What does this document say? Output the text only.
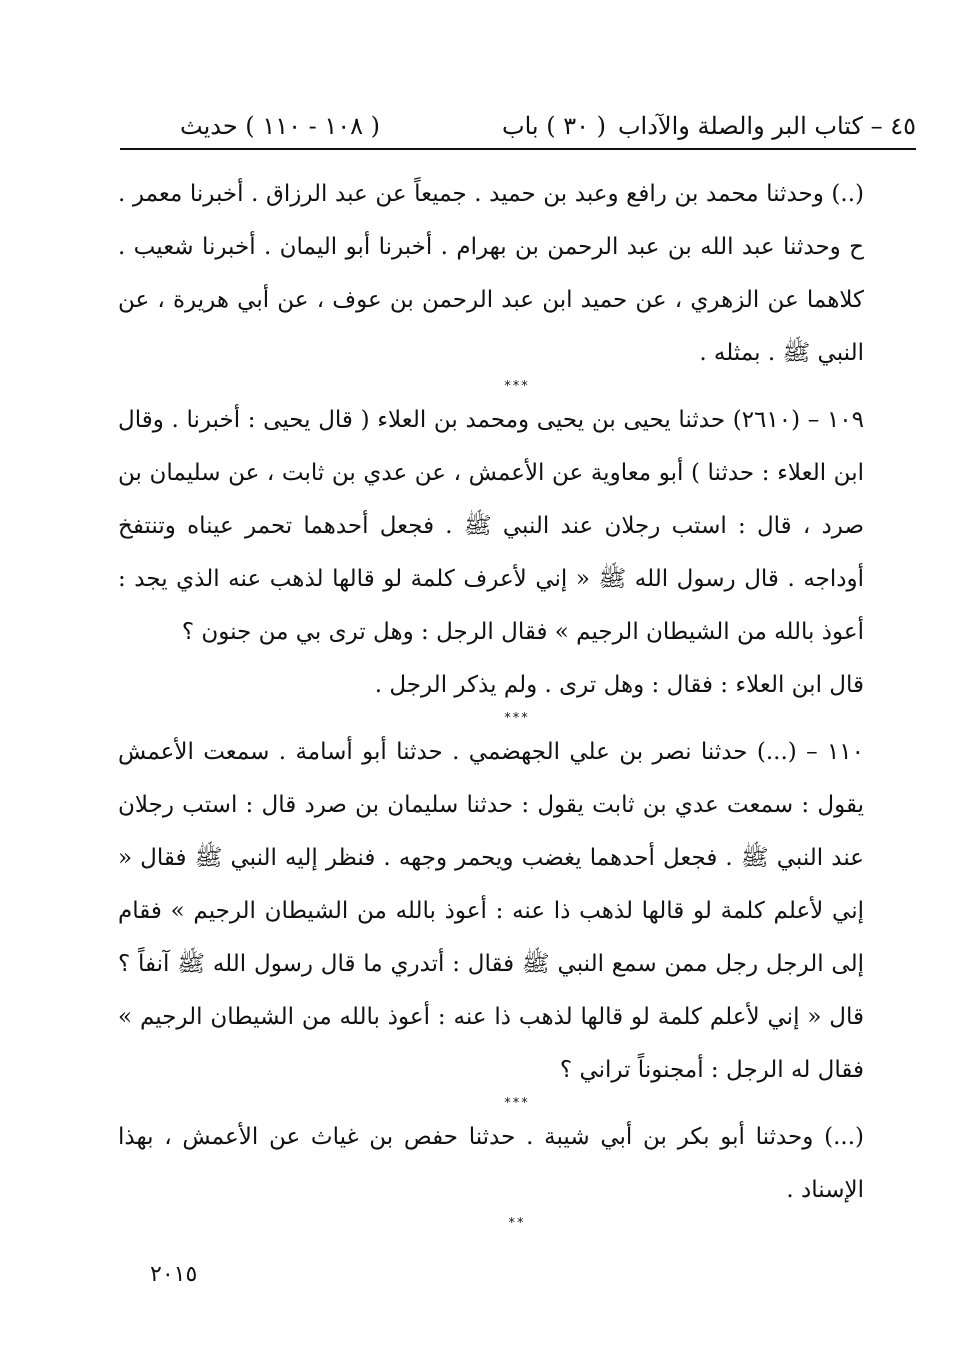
٤٥ – كتاب البر والصلة والآداب
( ٣٠ ) باب
( ١٠٨ - ١١٠ ) حديث

(..) وحدثنا محمد بن رافع وعبد بن حميد . جميعاً عن عبد الرزاق . أخبرنا معمر . ح وحدثنا عبد الله بن عبد الرحمن بن بهرام . أخبرنا أبو اليمان . أخبرنا شعيب . كلاهما عن الزهري ، عن حميد ابن عبد الرحمن بن عوف ، عن أبي هريرة ، عن النبي ﷺ . بمثله .

***

١٠٩ – (٢٦١٠) حدثنا يحيى بن يحيى ومحمد بن العلاء ( قال يحيى : أخبرنا . وقال ابن العلاء : حدثنا ) أبو معاوية عن الأعمش ، عن عدي بن ثابت ، عن سليمان بن صرد ، قال : استب رجلان عند النبي ﷺ . فجعل أحدهما تحمر عيناه وتنتفخ أوداجه . قال رسول الله ﷺ « إني لأعرف كلمة لو قالها لذهب عنه الذي يجد : أعوذ بالله من الشيطان الرجيم » فقال الرجل : وهل ترى بي من جنون ؟

قال ابن العلاء : فقال : وهل ترى . ولم يذكر الرجل .

***

١١٠ – (...) حدثنا نصر بن علي الجهضمي . حدثنا أبو أسامة . سمعت الأعمش يقول : سمعت عدي بن ثابت يقول : حدثنا سليمان بن صرد قال : استب رجلان عند النبي ﷺ . فجعل أحدهما يغضب ويحمر وجهه . فنظر إليه النبي ﷺ فقال « إني لأعلم كلمة لو قالها لذهب ذا عنه : أعوذ بالله من الشيطان الرجيم » فقام إلى الرجل رجل ممن سمع النبي ﷺ فقال : أتدري ما قال رسول الله ﷺ آنفاً ؟ قال « إني لأعلم كلمة لو قالها لذهب ذا عنه : أعوذ بالله من الشيطان الرجيم » فقال له الرجل : أمجنوناً تراني ؟

***

(...) وحدثنا أبو بكر بن أبي شيبة . حدثنا حفص بن غياث عن الأعمش ، بهذا الإسناد .

**

٢٠١٥
